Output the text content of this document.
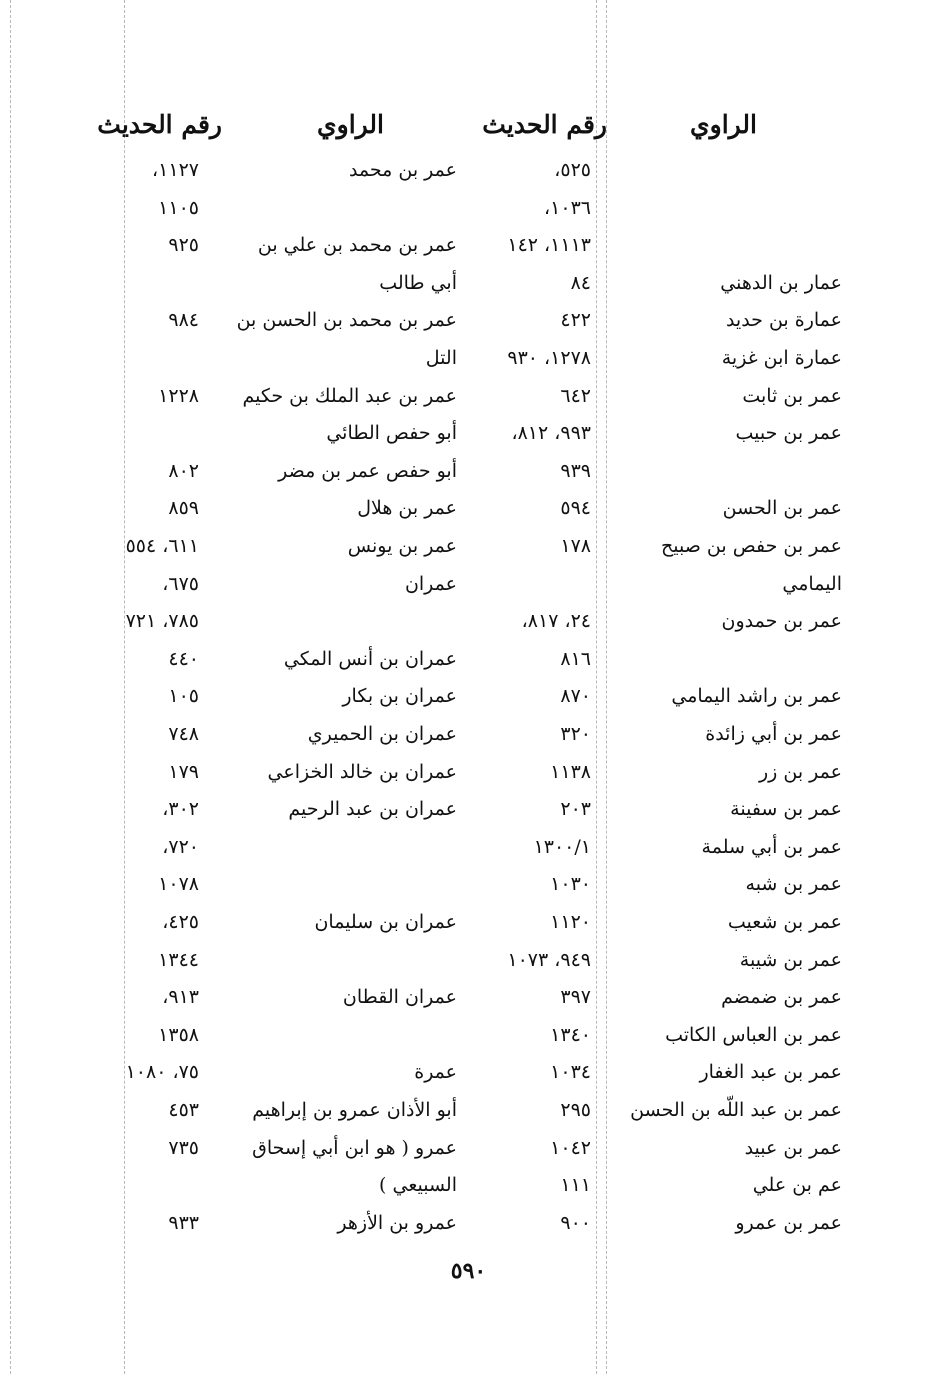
الراوي
رقم الحديث
الراوي
رقم الحديث
٥٢٥،
عمر بن محمد
١١٢٧،
١٠٣٦،
١١٠٥
١١١٣، ١٤٢
عمر بن محمد بن علي بن
٩٢٥
عمار بن الدهني
٨٤
أبي طالب
عمارة بن حديد
٤٢٢
عمر بن محمد بن الحسن بن
٩٨٤
عمارة ابن غزية
١٢٧٨، ٩٣٠
التل
عمر بن ثابت
٦٤٢
عمر بن عبد الملك بن حكيم
١٢٢٨
عمر بن حبيب
٩٩٣، ٨١٢،
أبو حفص الطائي
٩٣٩
أبو حفص عمر بن مضر
٨٠٢
عمر بن الحسن
٥٩٤
عمر بن هلال
٨٥٩
عمر بن حفص بن صبيح
١٧٨
عمر بن يونس
٦١١، ٥٥٤
اليمامي
عمران
٦٧٥،
عمر بن حمدون
٢٤، ٨١٧،
٧٨٥، ٧٢١
٨١٦
عمران بن أنس المكي
٤٤٠
عمر بن راشد اليمامي
٨٧٠
عمران بن بكار
١٠٥
عمر بن أبي زائدة
٣٢٠
عمران بن الحميري
٧٤٨
عمر بن زر
١١٣٨
عمران بن خالد الخزاعي
١٧٩
عمر بن سفينة
٢٠٣
عمران بن عبد الرحيم
٣٠٢،
عمر بن أبي سلمة
١٣٠٠/١
٧٢٠،
عمر بن شبه
١٠٣٠
١٠٧٨
عمر بن شعيب
١١٢٠
عمران بن سليمان
٤٢٥،
عمر بن شيبة
٩٤٩، ١٠٧٣
١٣٤٤
عمر بن ضمضم
٣٩٧
عمران القطان
٩١٣،
عمر بن العباس الكاتب
١٣٤٠
١٣٥٨
عمر بن عبد الغفار
١٠٣٤
عمرة
٧٥، ١٠٨٠
عمر بن عبد اللّه بن الحسن
٢٩٥
أبو الأذان عمرو بن إبراهيم
٤٥٣
عمر بن عبيد
١٠٤٢
عمرو ( هو ابن أبي إسحاق
٧٣٥
عم بن علي
١١١
السبيعي )
عمر بن عمرو
٩٠٠
عمرو بن الأزهر
٩٣٣
٥٩٠
